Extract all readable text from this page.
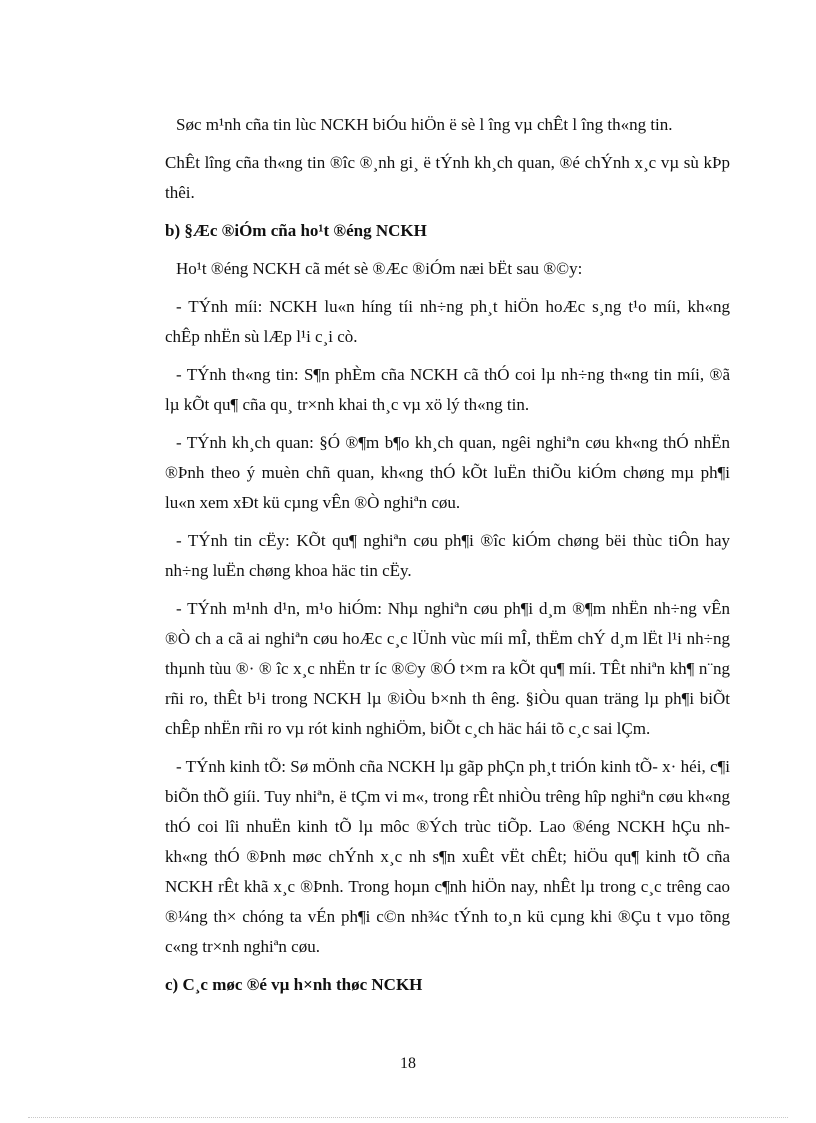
Søc m¹nh cña tin lùc NCKH biÓu hiÖn ë sè l îng vµ chÊt l îng th«ng tin.

ChÊt lîng cña th«ng tin ®îc ®¸nh gi¸ ë tÝnh kh¸ch quan, ®é chÝnh x¸c vµ sù kÞp thêi.

b) §Æc ®iÓm cña ho¹t ®éng NCKH

Ho¹t ®éng NCKH cã mét sè ®Æc ®iÓm næi bËt sau ®©y:

- TÝnh míi: NCKH lu«n híng tíi nh÷ng ph¸t hiÖn hoÆc s¸ng t¹o míi, kh«ng chÊp nhËn sù lÆp l¹i c¸i cò.

- TÝnh th«ng tin: S¶n phÈm cña NCKH cã thÓ coi lµ nh÷ng th«ng tin míi, ®ã lµ kÕt qu¶ cña qu¸ tr×nh khai th¸c vµ xö lý th«ng tin.

- TÝnh kh¸ch quan: §Ó ®¶m b¶o kh¸ch quan, ngêi nghiªn cøu kh«ng thÓ nhËn ®Þnh theo ý muèn chñ quan, kh«ng thÓ kÕt luËn thiÕu kiÓm chøng mµ ph¶i lu«n xem xÐt kü cµng vÊn ®Ò nghiªn cøu.

- TÝnh tin cËy: KÕt qu¶ nghiªn cøu ph¶i ®îc kiÓm chøng bëi thùc tiÔn hay nh÷ng luËn chøng khoa häc tin cËy.

- TÝnh m¹nh d¹n, m¹o hiÓm: Nhµ nghiªn cøu ph¶i d¸m ®¶m nhËn nh÷ng vÊn ®Ò ch a cã ai nghiªn cøu hoÆc c¸c lÜnh vùc míi mÎ, thËm chÝ d¸m lËt l¹i nh÷ng thµnh tùu ®· ® îc x¸c nhËn tr íc ®©y ®Ó t×m ra kÕt qu¶ míi. TÊt nhiªn kh¶ n¨ng rñi ro, thÊt b¹i trong NCKH lµ ®iÒu b×nh th êng. §iÒu quan träng lµ ph¶i biÕt chÊp nhËn rñi ro vµ rót kinh nghiÖm, biÕt c¸ch häc hái tõ c¸c sai lÇm.

- TÝnh kinh tÕ: Sø mÖnh cña NCKH lµ gãp phÇn ph¸t triÓn kinh tÕ- x· héi, c¶i biÕn thÕ giíi. Tuy nhiªn, ë tÇm vi m«, trong rÊt nhiÒu trêng hîp nghiªn cøu kh«ng thÓ coi lîi nhuËn kinh tÕ lµ môc ®Ých trùc tiÕp. Lao ®éng NCKH hÇu nh kh«ng thÓ ®Þnh møc chÝnh x¸c nh s¶n xuÊt vËt chÊt; hiÖu qu¶ kinh tÕ cña NCKH rÊt khã x¸c ®Þnh. Trong hoµn c¶nh hiÖn nay, nhÊt lµ trong c¸c trêng cao ®¼ng th× chóng ta vÉn ph¶i c©n nh¾c tÝnh to¸n kü cµng khi ®Çu t vµo tõng c«ng tr×nh nghiªn cøu.

c) C¸c møc ®é vµ h×nh thøc NCKH

18
